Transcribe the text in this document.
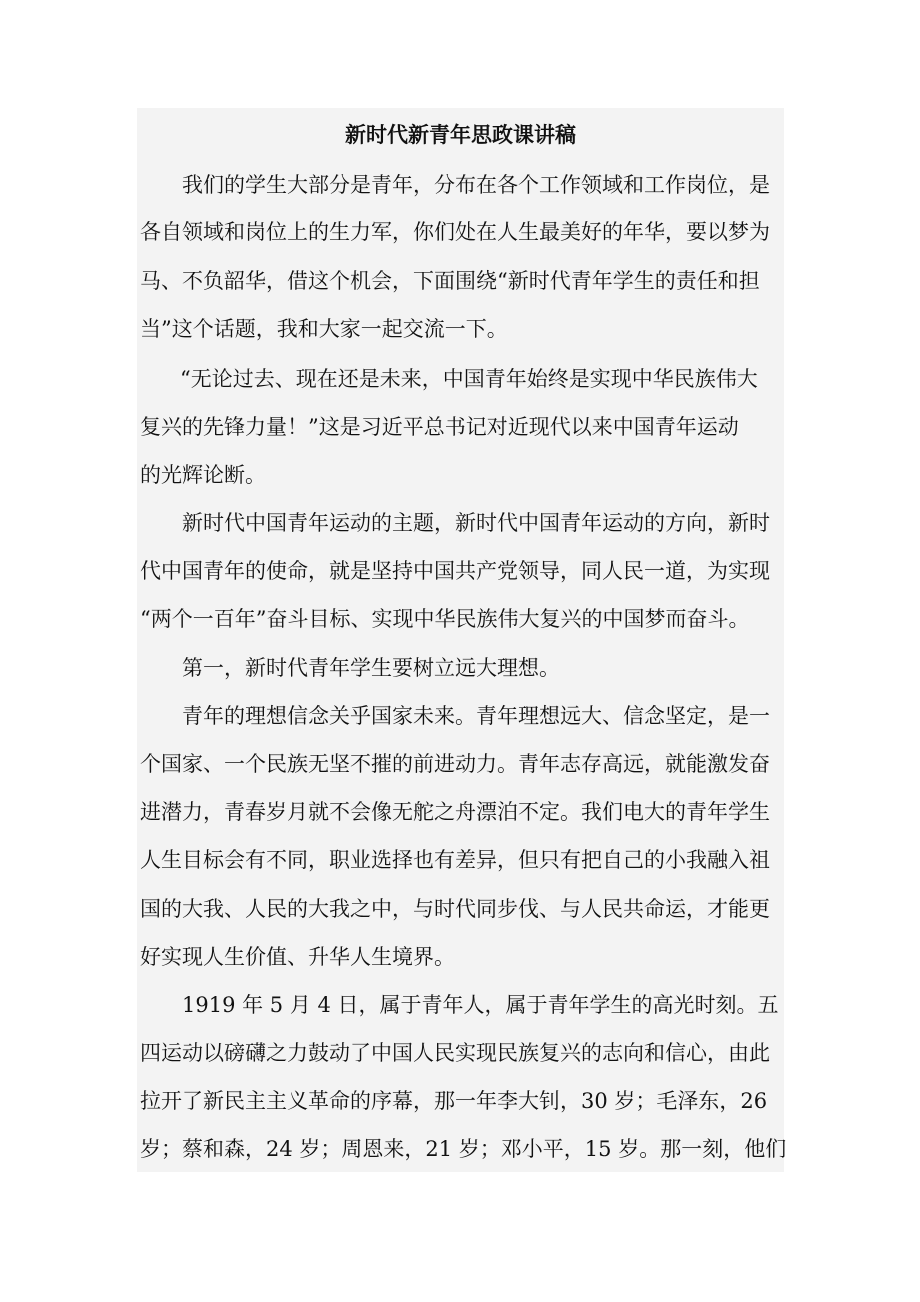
新时代新青年思政课讲稿

我们的学生大部分是青年，分布在各个工作领域和工作岗位，是

各自领域和岗位上的生力军，你们处在人生最美好的年华，要以梦为

马、不负韶华，借这个机会，下面围绕“新时代青年学生的责任和担

当”这个话题，我和大家一起交流一下。

“无论过去、现在还是未来，中国青年始终是实现中华民族伟大

复兴的先锋力量！”这是习近平总书记对近现代以来中国青年运动

的光辉论断。

新时代中国青年运动的主题，新时代中国青年运动的方向，新时

代中国青年的使命，就是坚持中国共产党领导，同人民一道，为实现

“两个一百年”奋斗目标、实现中华民族伟大复兴的中国梦而奋斗。

第一，新时代青年学生要树立远大理想。

青年的理想信念关乎国家未来。青年理想远大、信念坚定，是一

个国家、一个民族无坚不摧的前进动力。青年志存高远，就能激发奋

进潜力，青春岁月就不会像无舵之舟漂泊不定。我们电大的青年学生

人生目标会有不同，职业选择也有差异，但只有把自己的小我融入祖

国的大我、人民的大我之中，与时代同步伐、与人民共命运，才能更

好实现人生价值、升华人生境界。

1919 年 5 月 4 日，属于青年人，属于青年学生的高光时刻。五

四运动以磅礴之力鼓动了中国人民实现民族复兴的志向和信心，由此

拉开了新民主主义革命的序幕，那一年李大钊，30 岁；毛泽东，26

岁；蔡和森，24 岁；周恩来，21 岁；邓小平，15 岁。那一刻，他们
